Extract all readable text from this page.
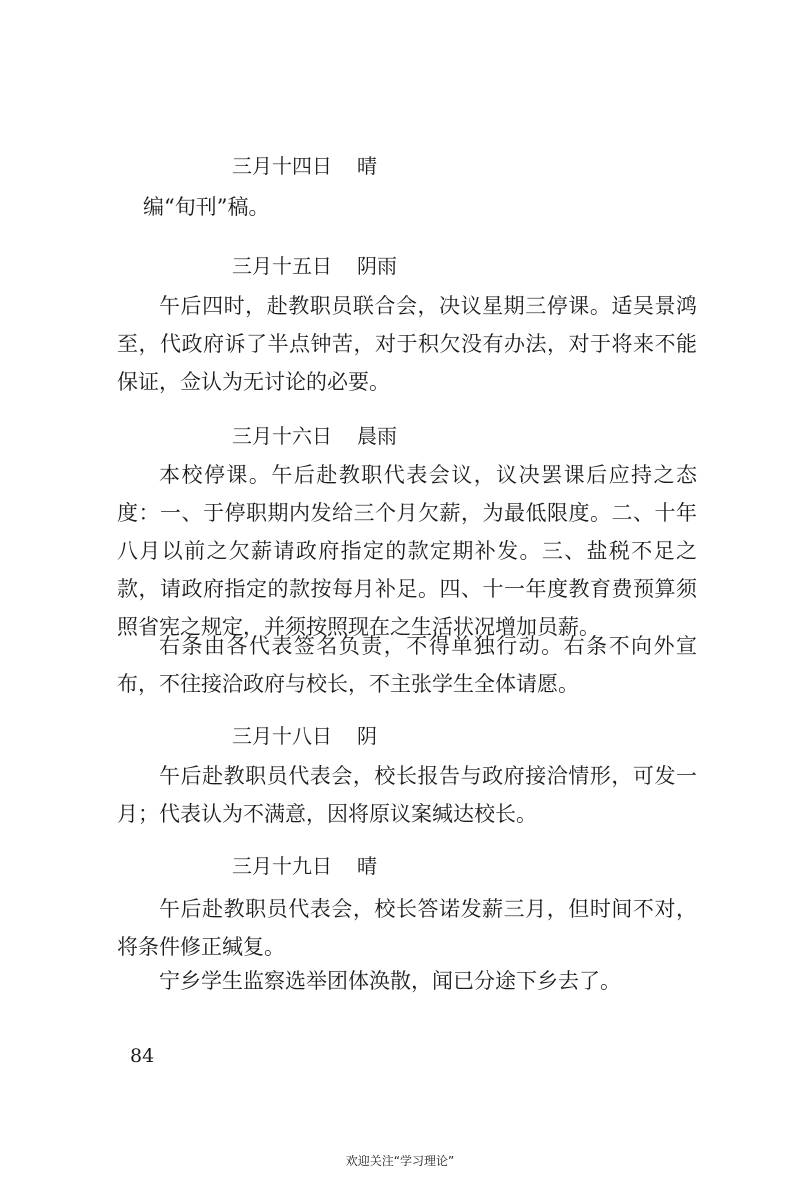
三月十四日 晴
编“旬刊”稿。
三月十五日 阴雨
午后四时，赴教职员联合会，决议星期三停课。适吴景鸿至，代政府诉了半点钟苦，对于积欠没有办法，对于将来不能保证，佥认为无讨论的必要。
三月十六日 晨雨
本校停课。午后赴教职代表会议，议决罢课后应持之态度：一、于停职期内发给三个月欠薪，为最低限度。二、十年八月以前之欠薪请政府指定的款定期补发。三、盐税不足之款，请政府指定的款按每月补足。四、十一年度教育费预算须照省宪之规定，并须按照现在之生活状况增加员薪。
右条由各代表签名负责，不得单独行动。右条不向外宣布，不往接洽政府与校长，不主张学生全体请愿。
三月十八日 阴
午后赴教职员代表会，校长报告与政府接洽情形，可发一月；代表认为不满意，因将原议案缄达校长。
三月十九日 晴
午后赴教职员代表会，校长答诺发薪三月，但时间不对，将条件修正缄复。
宁乡学生监察选举团体涣散，闻已分途下乡去了。
84
欢迎关注“学习理论”
